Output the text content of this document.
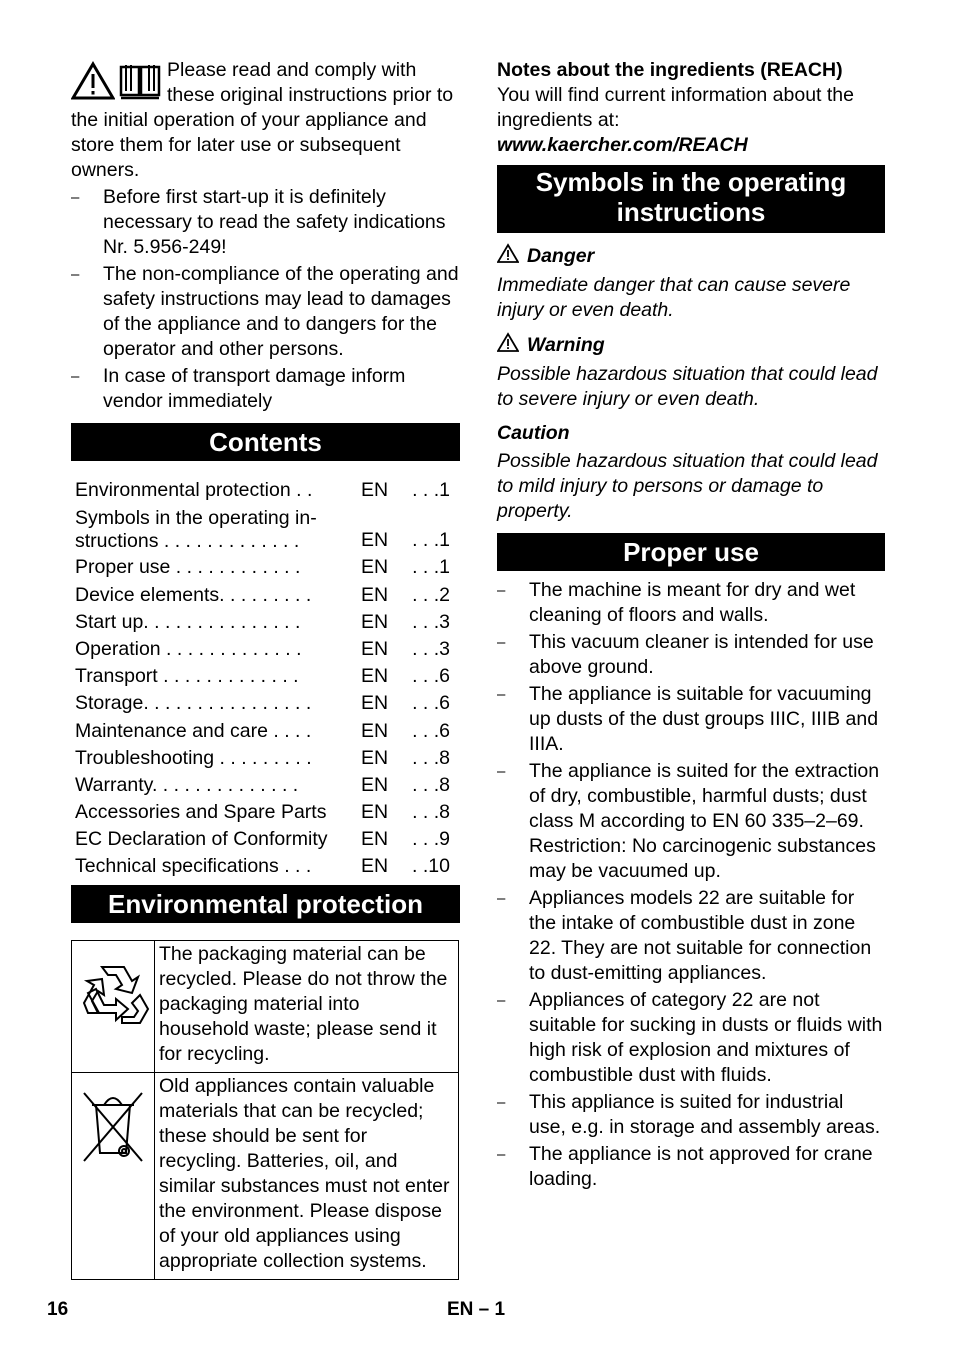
Please read and comply with these original instructions prior to the initial operation of your appliance and store them for later use or subsequent owners.

– Before first start-up it is definitely necessary to read the safety indications Nr. 5.956-249!
– The non-compliance of the operating and safety instructions may lead to damages of the appliance and to dangers for the operator and other persons.
– In case of transport damage inform vendor immediately
Contents
Environmental protection . .	EN	. . .1
Symbols in the operating in-
structions . . . . . . . . . . . . .	EN	. . .1
Proper use . . . . . . . . . . . .	EN	. . .1
Device elements. . . . . . . . .	EN	. . .2
Start up. . . . . . . . . . . . . . .	EN	. . .3
Operation . . . . . . . . . . . . .	EN	. . .3
Transport . . . . . . . . . . . . .	EN	. . .6
Storage. . . . . . . . . . . . . . . .	EN	. . .6
Maintenance and care . . . .	EN	. . .6
Troubleshooting . . . . . . . . .	EN	. . .8
Warranty. . . . . . . . . . . . . .	EN	. . .8
Accessories and Spare Parts	EN	. . .8
EC Declaration of Conformity	EN	. . .9
Technical specifications . . .	EN	. .10
Environmental protection
	The packaging material can be recycled. Please do not throw the packaging material into household waste; please send it for recycling.
	Old appliances contain valuable materials that can be recycled; these should be sent for recycling. Batteries, oil, and similar substances must not enter the environment. Please dispose of your old appliances using appropriate collection systems.

Notes about the ingredients (REACH)

You will find current information about the ingredients at:

www.kaercher.com/REACH

Symbols in the operating
instructions
Danger

Immediate danger that can cause severe injury or even death.

Warning

Possible hazardous situation that could lead to severe injury or even death.

Caution

Possible hazardous situation that could lead to mild injury to persons or damage to property.

Proper use
– The machine is meant for dry and wet cleaning of floors and walls.
– This vacuum cleaner is intended for use above ground.
– The appliance is suitable for vacuuming up dusts of the dust groups IIIC, IIIB and IIIA.
– The appliance is suited for the extraction of dry, combustible, harmful dusts; dust class M according to EN 60 335–2–69. Restriction: No carcinogenic substances may be vacuumed up.
– Appliances models 22 are suitable for the intake of combustible dust in zone 22. They are not suitable for connection to dust-emitting appliances.
– Appliances of category 22 are not suitable for sucking in dusts or fluids with high risk of explosion and mixtures of combustible dust with fluids.
– This appliance is suited for industrial use, e.g. in storage and assembly areas.
– The appliance is not approved for crane loading.
16	EN – 1
